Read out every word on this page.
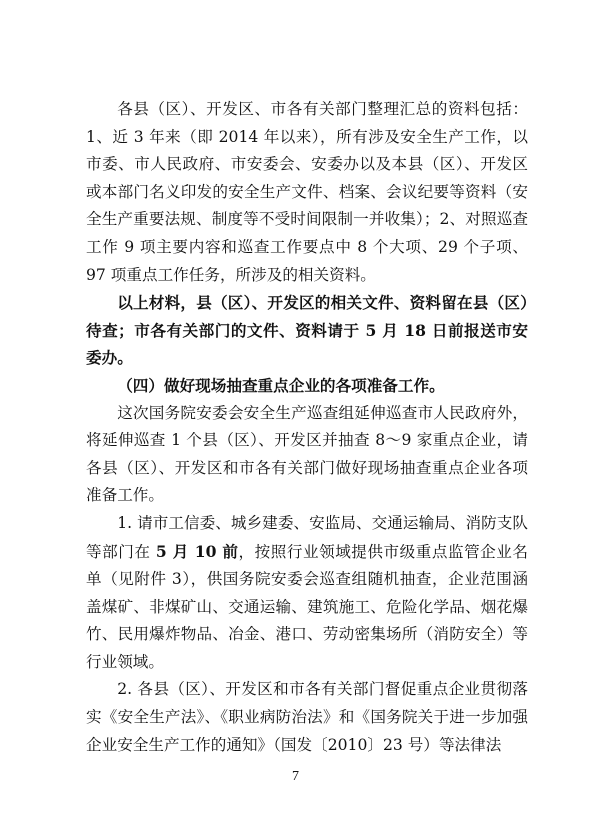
各县（区）、开发区、市各有关部门整理汇总的资料包括：1、近 3 年来（即 2014 年以来），所有涉及安全生产工作，以市委、市人民政府、市安委会、安委办以及本县（区）、开发区或本部门名义印发的安全生产文件、档案、会议纪要等资料（安全生产重要法规、制度等不受时间限制一并收集）；2、对照巡查工作 9 项主要内容和巡查工作要点中 8 个大项、29 个子项、97 项重点工作任务，所涉及的相关资料。

以上材料，县（区）、开发区的相关文件、资料留在县（区）待查；市各有关部门的文件、资料请于 5 月 18 日前报送市安委办。

（四）做好现场抽查重点企业的各项准备工作。

这次国务院安委会安全生产巡查组延伸巡查市人民政府外，将延伸巡查 1 个县（区）、开发区并抽查 8～9 家重点企业，请各县（区）、开发区和市各有关部门做好现场抽查重点企业各项准备工作。

1. 请市工信委、城乡建委、安监局、交通运输局、消防支队等部门在 5 月 10 前，按照行业领域提供市级重点监管企业名单（见附件 3），供国务院安委会巡查组随机抽查，企业范围涵盖煤矿、非煤矿山、交通运输、建筑施工、危险化学品、烟花爆竹、民用爆炸物品、冶金、港口、劳动密集场所（消防安全）等行业领域。

2. 各县（区）、开发区和市各有关部门督促重点企业贯彻落实《安全生产法》、《职业病防治法》和《国务院关于进一步加强企业安全生产工作的通知》（国发〔2010〕23 号）等法律法

7
